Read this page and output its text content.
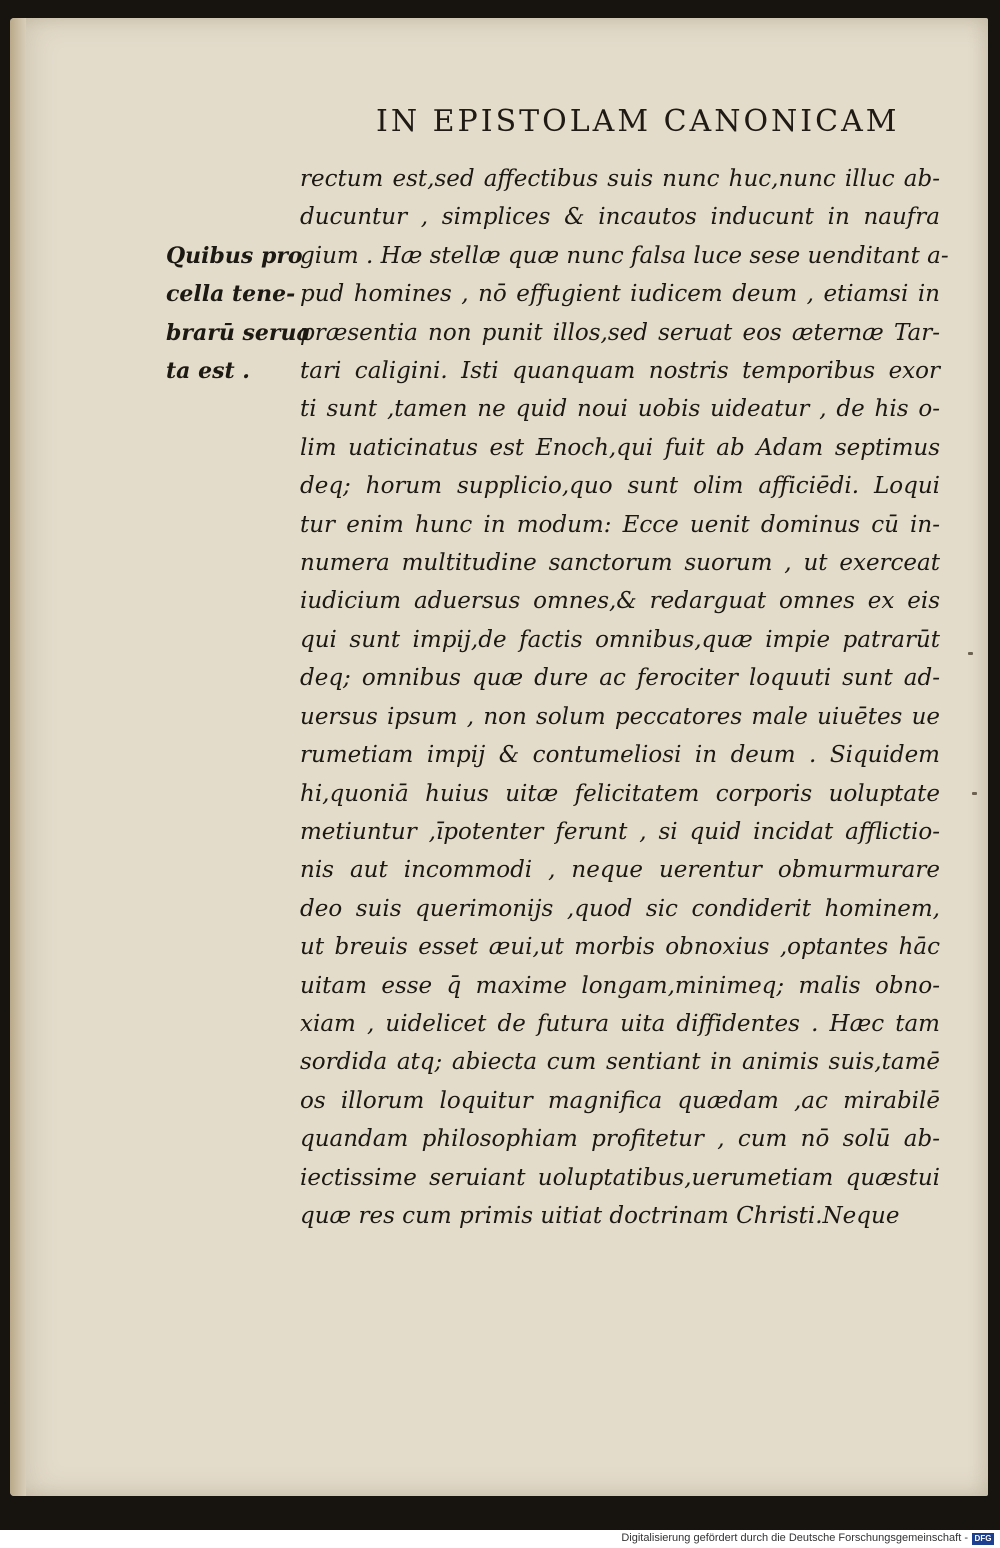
IN EPISTOLAM CANONICAM
Quibus pro
cella tene-
brarū serua
ta est .
rectum est,sed affectibus suis nunc huc,nunc illuc ab-
ducuntur , simplices & incautos inducunt in naufra
gium . Hæ stellæ quæ nunc falsa luce sese uenditant a-
pud homines , nō effugient iudicem deum , etiamsi in
præsentia non punit illos,sed seruat eos æternæ Tar-
tari caligini. Isti quanquam nostris temporibus exor
ti sunt ,tamen ne quid noui uobis uideatur , de his o-
lim uaticinatus est Enoch,qui fuit ab Adam septimus
deq; horum supplicio,quo sunt olim afficiēdi. Loqui
tur enim hunc in modum: Ecce uenit dominus cū in-
numera multitudine sanctorum suorum , ut exerceat
iudicium aduersus omnes,& redarguat omnes ex eis
qui sunt impij,de factis omnibus,quæ impie patrarūt
deq; omnibus quæ dure ac ferociter loquuti sunt ad-
uersus ipsum , non solum peccatores male uiuētes ue
rumetiam impij & contumeliosi in deum . Siquidem
hi,quoniā huius uitæ felicitatem corporis uoluptate
metiuntur ,īpotenter ferunt , si quid incidat afflictio-
nis aut incommodi , neque uerentur obmurmurare
deo suis querimonijs ,quod sic condiderit hominem,
ut breuis esset æui,ut morbis obnoxius ,optantes hāc
uitam esse q̄ maxime longam,minimeq; malis obno-
xiam , uidelicet de futura uita diffidentes . Hæc tam
sordida atq; abiecta cum sentiant in animis suis,tamē
os illorum loquitur magnifica quædam ,ac mirabilē
quandam philosophiam profitetur , cum nō solū ab-
iectissime seruiant uoluptatibus,uerumetiam quæstui
quæ res cum primis uitiat doctrinam Christi.Neque
Digitalisierung gefördert durch die Deutsche Forschungsgemeinschaft - DFG
